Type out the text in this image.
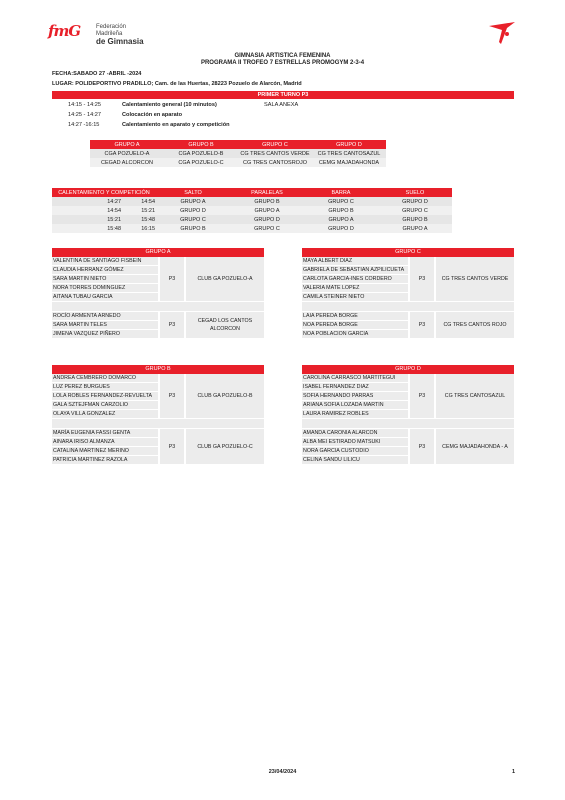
fmG	Federación Madrileña
de Gimnasia
GIMNASIA ARTISTICA FEMENINA
PROGRAMA II TROFEO 7 ESTRELLAS PROMOGYM 2-3-4
FECHA:SABADO 27 -ABRIL -2024
LUGAR: POLIDEPORTIVO PRADILLO; Cam. de las Huertas, 28223 Pozuelo de Alarcón, Madrid
PRIMER TURNO P3
14:15 - 14:25	Calentamiento general (10 minutos)	SALA ANEXA
14:25 - 14:27	Colocación en aparato
14:27 -16:15	Calentamiento en aparato y competición
GRUPO A	GRUPO B	GRUPO C	GRUPO D
CGA POZUELO-A	CGA POZUELO-B	CG TRES CANTOS VERDE	CG TRES CANTOSAZUL
CEGAD ALCORCON	CGA POZUELO-C	CG TRES CANTOSROJO	CEMG MAJADAHONDA
CALENTAMIENTO Y COMPETICIÓN		SALTO	PARALELAS	BARRA	SUELO
14:27	14:54	GRUPO A	GRUPO B	GRUPO C	GRUPO D
14:54	15:21	GRUPO D	GRUPO A	GRUPO B	GRUPO C
15:21	15:48	GRUPO C	GRUPO D	GRUPO A	GRUPO B
15:48	16:15	GRUPO B	GRUPO C	GRUPO D	GRUPO A
GRUPO A
VALENTINA DE SANTIAGO FISBEIN
CLAUDIA HERRANZ GÓMEZ
SARA MARTIN NIETO
NORA TORRES DOMINGUEZ
AITANA TUBAU GARCIA
P3	CLUB GA POZUELO-A
ROCÍO ARMENTA ARNEDO
SARA MARTIN TELES
JIMENA VAZQUEZ PIÑERO
P3
CEGAD LOS CANTOS ALCORCON
GRUPO C
MAYA ALBERT DIAZ
GABRIELA DE SEBASTIAN AZPILICUETA
CARLOTA GARCIA-INES CORDERO
VALERIA MATE LOPEZ
CAMILA STEINER NIETO
P3	CG TRES CANTOS VERDE
LAIA PEREDA BORGE
NOA PEREDA BORGE
NOA POBLACION GARCIA
P3	CG TRES CANTOS ROJO
GRUPO B
ANDREA CEMBRERO DOMARCO
LUZ PEREZ BURGUES
LOLA ROBLES FERNANDEZ-REVUELTA
GALA SZTEJFMAN CARZOLIO
OLAYA VILLA GONZALEZ
P3	CLUB GA POZUELO-B
MARÍA EUGENIA FASSI GENTA
AINARA IRISO ALMANZA
CATALINA MARTINEZ MERINO
PATRICIA MARTINEZ RAZOLA
P3	CLUB GA POZUELO-C
GRUPO D
CAROLINA CARRASCO MARTITEGUI
ISABEL FERNANDEZ DIAZ
SOFIA HERNANDO PARRAS
ARIANA SOFIA LOZADA MARTIN
LAURA RAMIREZ ROBLES
P3	CG TRES CANTOSAZUL
AMANDA CARONIA ALARCON
ALBA MEI ESTIRADO MATSUKI
NORA GARCIA CUSTODIO
CELINA SANDU LILICU
P3	CEMG MAJADAHONDA - A
23/04/2024	1
